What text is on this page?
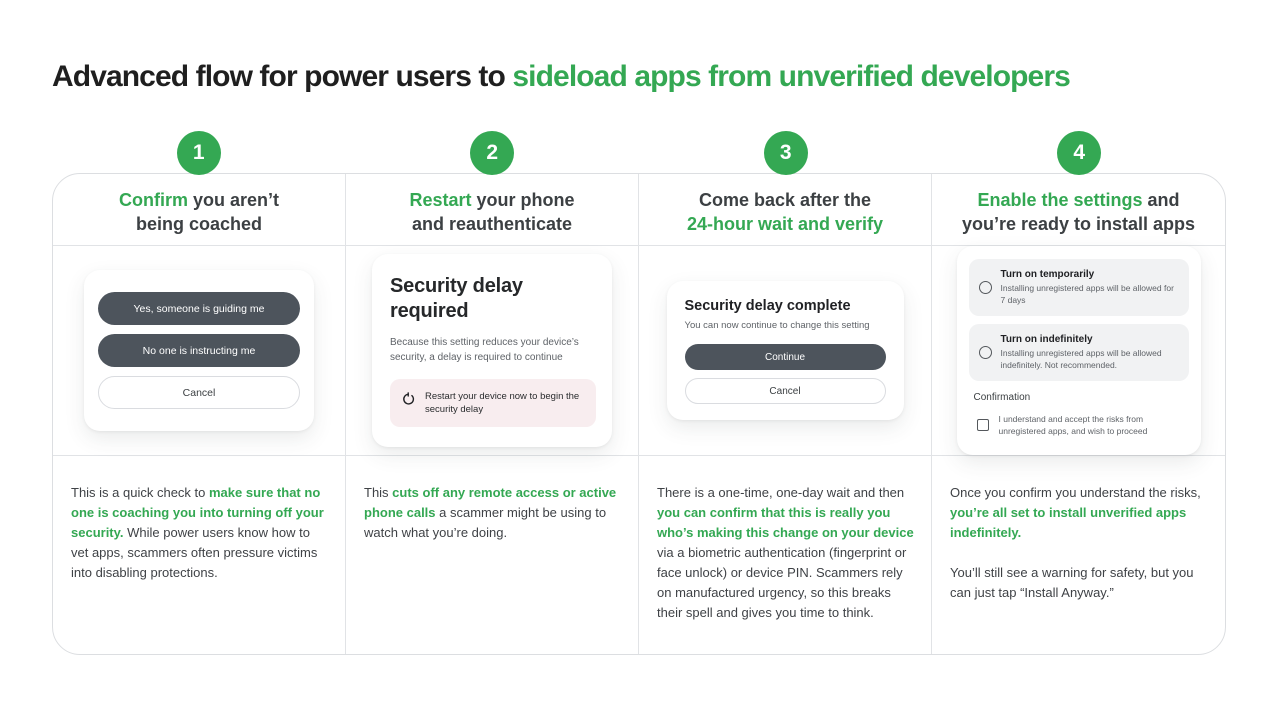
Advanced flow for power users to sideload apps from unverified developers
1	2	3	4
Confirm you aren’t
being coached
Restart your phone
and reauthenticate
Come back after the
24-hour wait and verify
Enable the settings and
you’re ready to install apps
Yes, someone is guiding me
No one is instructing me
Cancel
Security delay required
Because this setting reduces your device’s security, a delay is required to continue
Restart your device now to begin the security delay
Security delay complete
You can now continue to change this setting
Continue
Cancel
Turn on temporarily
Installing unregistered apps will be allowed for 7 days
Turn on indefinitely
Installing unregistered apps will be allowed indefinitely. Not recommended.
Confirmation
I understand and accept the risks from unregistered apps, and wish to proceed

This is a quick check to make sure that no one is coaching you into turning off your security. While power users know how to vet apps, scammers often pressure victims into disabling protections.

This cuts off any remote access or active phone calls a scammer might be using to watch what you’re doing.

There is a one-time, one-day wait and then you can confirm that this is really you who’s making this change on your device via a biometric authentication (fingerprint or face unlock) or device PIN. Scammers rely on manufactured urgency, so this breaks their spell and gives you time to think.

Once you confirm you understand the risks, you’re all set to install unverified apps indefinitely.

You’ll still see a warning for safety, but you can just tap “Install Anyway.”
